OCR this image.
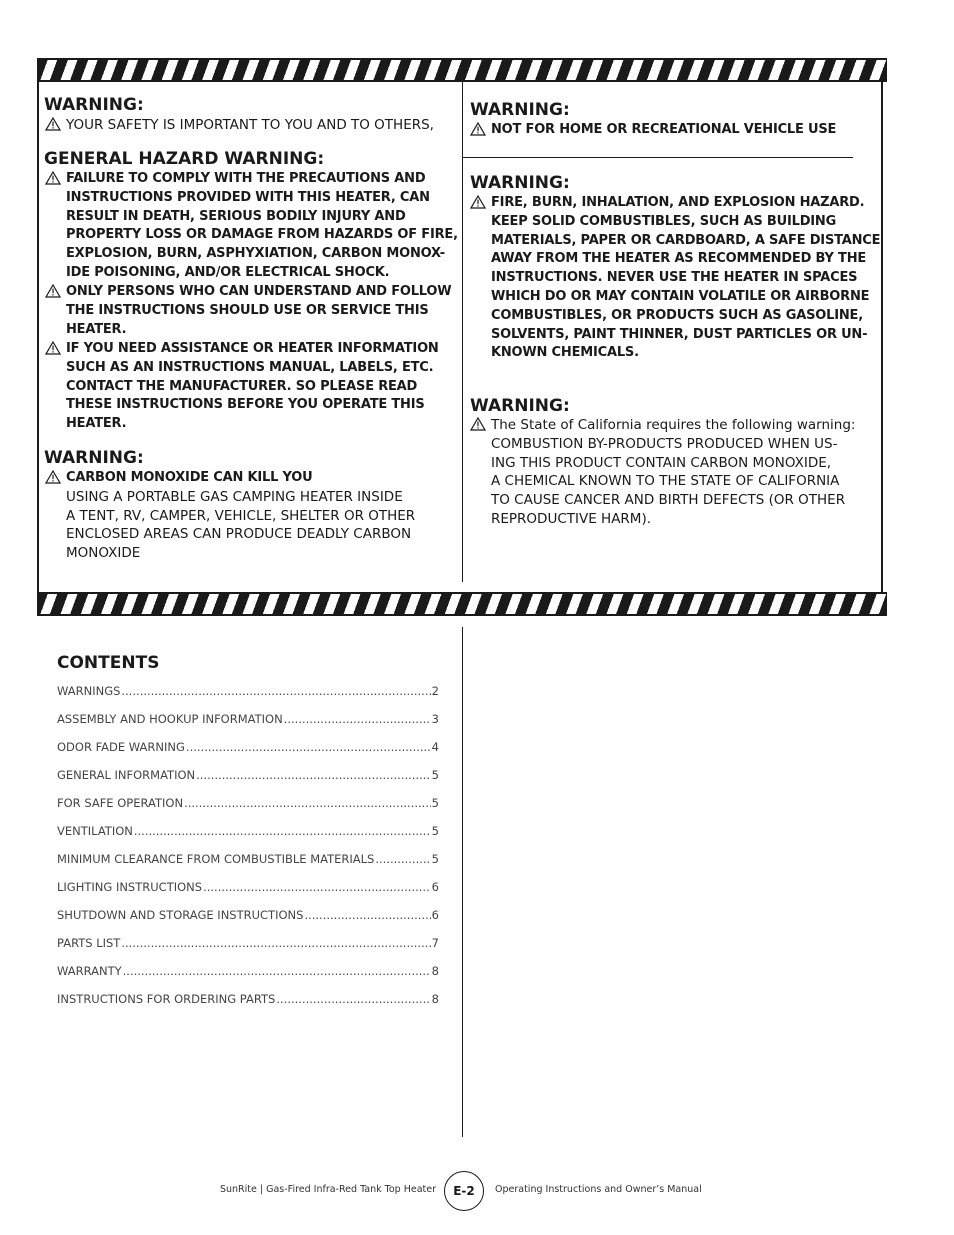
WARNING:
GENERAL HAZARD WARNING:
WARNING:
WARNING:
WARNING:
WARNING:
YOUR SAFETY IS IMPORTANT TO YOU AND TO OTHERS,
FAILURE TO COMPLY WITH THE PRECAUTIONS AND
INSTRUCTIONS PROVIDED WITH THIS HEATER, CAN
RESULT IN DEATH, SERIOUS BODILY INJURY AND
PROPERTY LOSS OR DAMAGE FROM HAZARDS OF FIRE,
EXPLOSION, BURN, ASPHYXIATION, CARBON MONOX-
IDE POISONING, AND/OR ELECTRICAL SHOCK.
ONLY PERSONS WHO CAN UNDERSTAND AND FOLLOW
THE INSTRUCTIONS SHOULD USE OR SERVICE THIS
HEATER.
IF YOU NEED ASSISTANCE OR HEATER INFORMATION
SUCH AS AN INSTRUCTIONS MANUAL, LABELS, ETC.
CONTACT THE MANUFACTURER. SO PLEASE READ
THESE INSTRUCTIONS BEFORE YOU OPERATE THIS
HEATER.
CARBON MONOXIDE CAN KILL YOU
USING A PORTABLE GAS CAMPING HEATER INSIDE
A TENT, RV, CAMPER, VEHICLE, SHELTER OR OTHER
ENCLOSED AREAS CAN PRODUCE DEADLY CARBON
MONOXIDE
NOT FOR HOME OR RECREATIONAL VEHICLE USE
FIRE, BURN, INHALATION, AND EXPLOSION HAZARD.
KEEP SOLID COMBUSTIBLES, SUCH AS BUILDING
MATERIALS, PAPER OR CARDBOARD, A SAFE DISTANCE
AWAY FROM THE HEATER AS RECOMMENDED BY THE
INSTRUCTIONS. NEVER USE THE HEATER IN SPACES
WHICH DO OR MAY CONTAIN VOLATILE OR AIRBORNE
COMBUSTIBLES, OR PRODUCTS SUCH AS GASOLINE,
SOLVENTS, PAINT THINNER, DUST PARTICLES OR UN-
KNOWN CHEMICALS.
The State of California requires the following warning:
COMBUSTION BY-PRODUCTS PRODUCED WHEN US-
ING THIS PRODUCT CONTAIN CARBON MONOXIDE,
A CHEMICAL KNOWN TO THE STATE OF CALIFORNIA
TO CAUSE CANCER AND BIRTH DEFECTS (OR OTHER
REPRODUCTIVE HARM).
CONTENTS
WARNINGS .....	2
ASSEMBLY AND HOOKUP INFORMATION .....	3
ODOR FADE WARNING .....	4
GENERAL INFORMATION .....	5
FOR SAFE OPERATION .....	5
VENTILATION .....	5
MINIMUM CLEARANCE FROM COMBUSTIBLE MATERIALS .....	5
LIGHTING INSTRUCTIONS .....	6
SHUTDOWN AND STORAGE INSTRUCTIONS .....	6
PARTS LIST .....	7
WARRANTY .....	8
INSTRUCTIONS FOR ORDERING PARTS .....	8
SunRite | Gas-Fired Infra-Red Tank Top Heater	E-2	Operating Instructions and Owner’s Manual
